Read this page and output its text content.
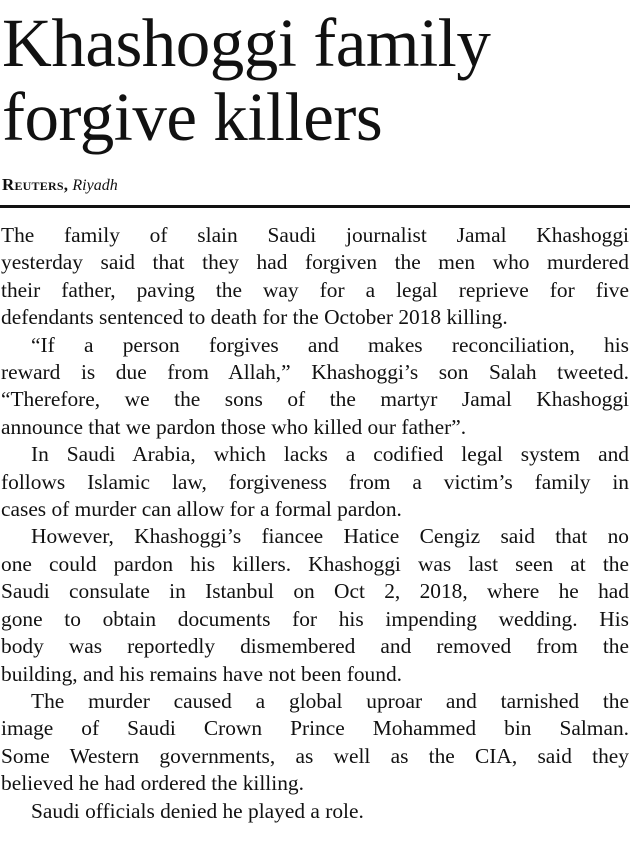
Khashoggi family
forgive killers
Reuters, Riyadh

The family of slain Saudi journalist Jamal Khashoggi
yesterday said that they had forgiven the men who murdered
their father, paving the way for a legal reprieve for five
defendants sentenced to death for the October 2018 killing.

“If a person forgives and makes reconciliation, his
reward is due from Allah,” Khashoggi’s son Salah tweeted.
“Therefore, we the sons of the martyr Jamal Khashoggi
announce that we pardon those who killed our father”.

In Saudi Arabia, which lacks a codified legal system and
follows Islamic law, forgiveness from a victim’s family in
cases of murder can allow for a formal pardon.

However, Khashoggi’s fiancee Hatice Cengiz said that no
one could pardon his killers. Khashoggi was last seen at the
Saudi consulate in Istanbul on Oct 2, 2018, where he had
gone to obtain documents for his impending wedding. His
body was reportedly dismembered and removed from the
building, and his remains have not been found.

The murder caused a global uproar and tarnished the
image of Saudi Crown Prince Mohammed bin Salman.
Some Western governments, as well as the CIA, said they
believed he had ordered the killing.

Saudi officials denied he played a role.
